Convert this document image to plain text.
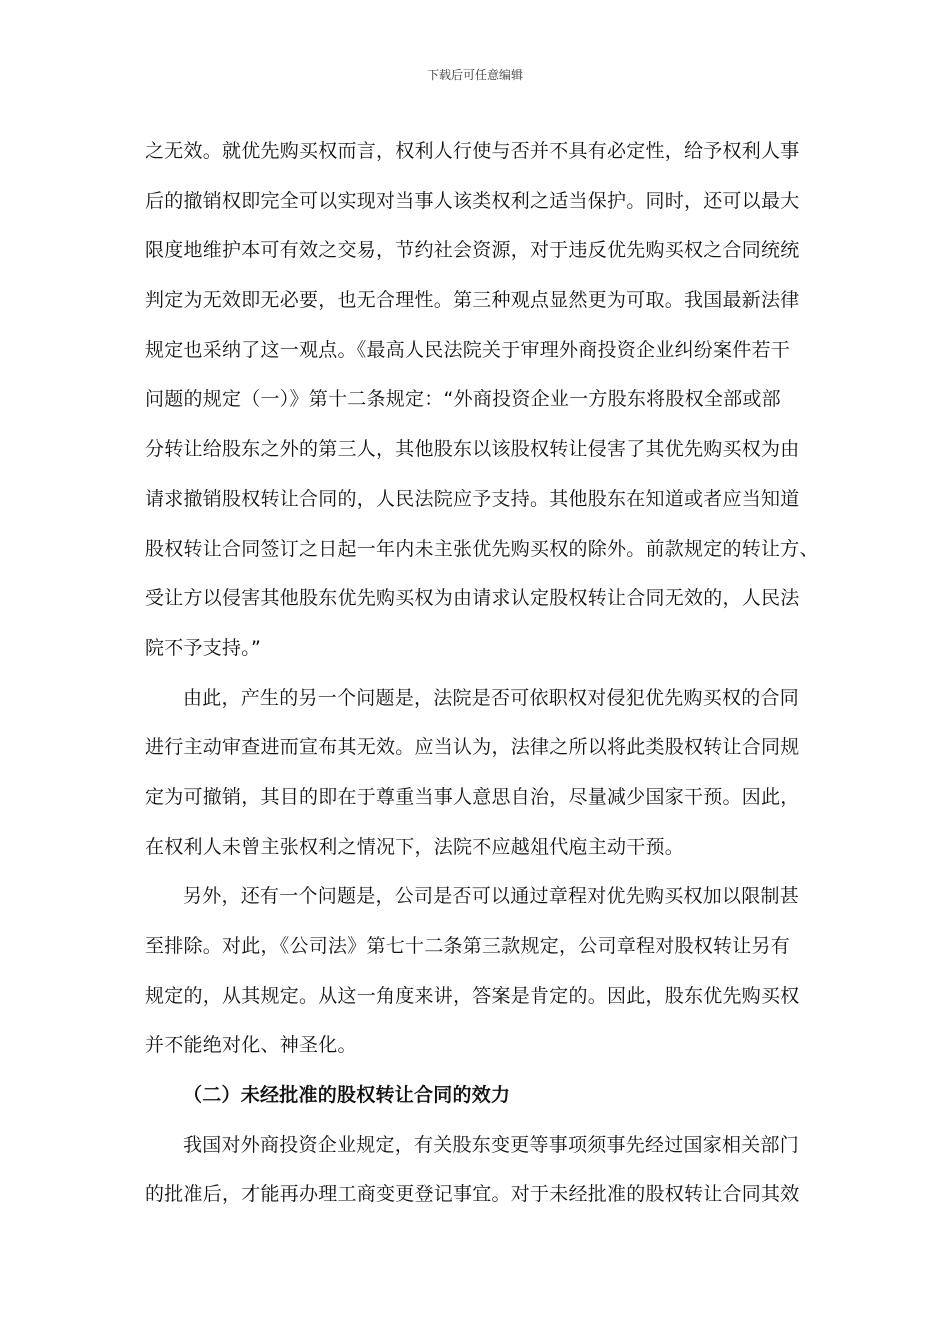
下载后可任意编辑
之无效。就优先购买权而言，权利人行使与否并不具有必定性，给予权利人事
后的撤销权即完全可以实现对当事人该类权利之适当保护。同时，还可以最大
限度地维护本可有效之交易，节约社会资源，对于违反优先购买权之合同统统
判定为无效即无必要，也无合理性。第三种观点显然更为可取。我国最新法律
规定也采纳了这一观点。《最高人民法院关于审理外商投资企业纠纷案件若干
问题的规定（一）》第十二条规定：“外商投资企业一方股东将股权全部或部
分转让给股东之外的第三人，其他股东以该股权转让侵害了其优先购买权为由
请求撤销股权转让合同的，人民法院应予支持。其他股东在知道或者应当知道
股权转让合同签订之日起一年内未主张优先购买权的除外。前款规定的转让方、
受让方以侵害其他股东优先购买权为由请求认定股权转让合同无效的，人民法
院不予支持。”
由此，产生的另一个问题是，法院是否可依职权对侵犯优先购买权的合同
进行主动审查进而宣布其无效。应当认为，法律之所以将此类股权转让合同规
定为可撤销，其目的即在于尊重当事人意思自治，尽量减少国家干预。因此，
在权利人未曾主张权利之情况下，法院不应越俎代庖主动干预。
另外，还有一个问题是，公司是否可以通过章程对优先购买权加以限制甚
至排除。对此，《公司法》第七十二条第三款规定，公司章程对股权转让另有
规定的，从其规定。从这一角度来讲，答案是肯定的。因此，股东优先购买权
并不能绝对化、神圣化。
（二）未经批准的股权转让合同的效力
我国对外商投资企业规定，有关股东变更等事项须事先经过国家相关部门
的批准后，才能再办理工商变更登记事宜。对于未经批准的股权转让合同其效
